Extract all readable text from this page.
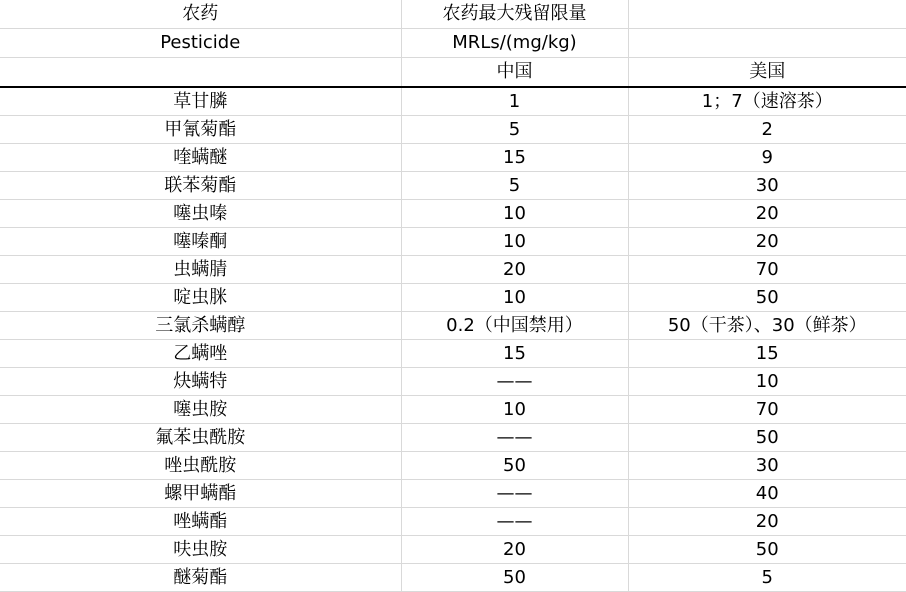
农药	农药最大残留限量	
Pesticide	MRLs/(mg/kg)	
	中国	美国
草甘膦	1	1；7（速溶茶）
甲氰菊酯	5	2
喹螨醚	15	9
联苯菊酯	5	30
噻虫嗪	10	20
噻嗪酮	10	20
虫螨腈	20	70
啶虫脒	10	50
三氯杀螨醇	0.2（中国禁用）	50（干茶）、30（鲜茶）
乙螨唑	15	15
炔螨特	——	10
噻虫胺	10	70
氟苯虫酰胺	——	50
唑虫酰胺	50	30
螺甲螨酯	——	40
唑螨酯	——	20
呋虫胺	20	50
醚菊酯	50	5
